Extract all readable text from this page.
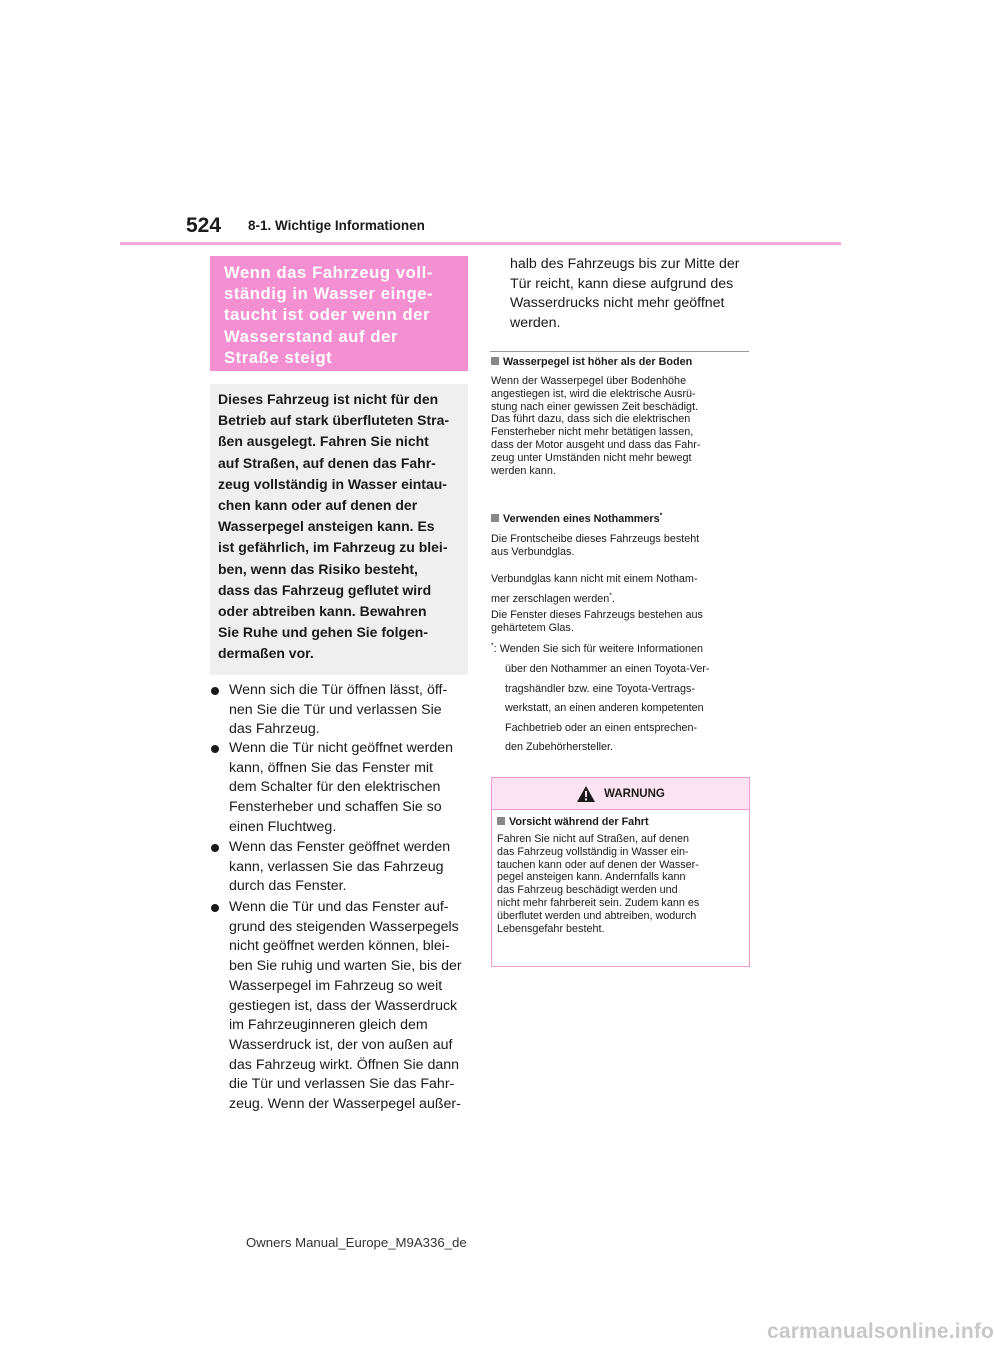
524 8-1. Wichtige Informationen
Wenn das Fahrzeug voll-
ständig in Wasser einge-
taucht ist oder wenn der
Wasserstand auf der
Straße steigt
Dieses Fahrzeug ist nicht für den
Betrieb auf stark überfluteten Stra-
ßen ausgelegt. Fahren Sie nicht
auf Straßen, auf denen das Fahr-
zeug vollständig in Wasser eintau-
chen kann oder auf denen der
Wasserpegel ansteigen kann. Es
ist gefährlich, im Fahrzeug zu blei-
ben, wenn das Risiko besteht,
dass das Fahrzeug geflutet wird
oder abtreiben kann. Bewahren
Sie Ruhe und gehen Sie folgen-
dermaßen vor.
Wenn sich die Tür öffnen lässt, öff-
nen Sie die Tür und verlassen Sie
das Fahrzeug.
Wenn die Tür nicht geöffnet werden
kann, öffnen Sie das Fenster mit
dem Schalter für den elektrischen
Fensterheber und schaffen Sie so
einen Fluchtweg.
Wenn das Fenster geöffnet werden
kann, verlassen Sie das Fahrzeug
durch das Fenster.
Wenn die Tür und das Fenster auf-
grund des steigenden Wasserpegels
nicht geöffnet werden können, blei-
ben Sie ruhig und warten Sie, bis der
Wasserpegel im Fahrzeug so weit
gestiegen ist, dass der Wasserdruck
im Fahrzeuginneren gleich dem
Wasserdruck ist, der von außen auf
das Fahrzeug wirkt. Öffnen Sie dann
die Tür und verlassen Sie das Fahr-
zeug. Wenn der Wasserpegel außer-
halb des Fahrzeugs bis zur Mitte der
Tür reicht, kann diese aufgrund des
Wasserdrucks nicht mehr geöffnet
werden.
Wasserpegel ist höher als der Boden
Wenn der Wasserpegel über Bodenhöhe
angestiegen ist, wird die elektrische Ausrü-
stung nach einer gewissen Zeit beschädigt.
Das führt dazu, dass sich die elektrischen
Fensterheber nicht mehr betätigen lassen,
dass der Motor ausgeht und dass das Fahr-
zeug unter Umständen nicht mehr bewegt
werden kann.
Verwenden eines Nothammers*
Die Frontscheibe dieses Fahrzeugs besteht
aus Verbundglas.
Verbundglas kann nicht mit einem Notham-
mer zerschlagen werden*.
Die Fenster dieses Fahrzeugs bestehen aus
gehärtetem Glas.
*: Wenden Sie sich für weitere Informationen
über den Nothammer an einen Toyota-Ver-
tragshändler bzw. eine Toyota-Vertrags-
werkstatt, an einen anderen kompetenten
Fachbetrieb oder an einen entsprechen-
den Zubehörhersteller.
WARNUNG
Vorsicht während der Fahrt
Fahren Sie nicht auf Straßen, auf denen
das Fahrzeug vollständig in Wasser ein-
tauchen kann oder auf denen der Wasser-
pegel ansteigen kann. Andernfalls kann
das Fahrzeug beschädigt werden und
nicht mehr fahrbereit sein. Zudem kann es
überflutet werden und abtreiben, wodurch
Lebensgefahr besteht.
Owners Manual_Europe_M9A336_de
carmanualsonline.info
